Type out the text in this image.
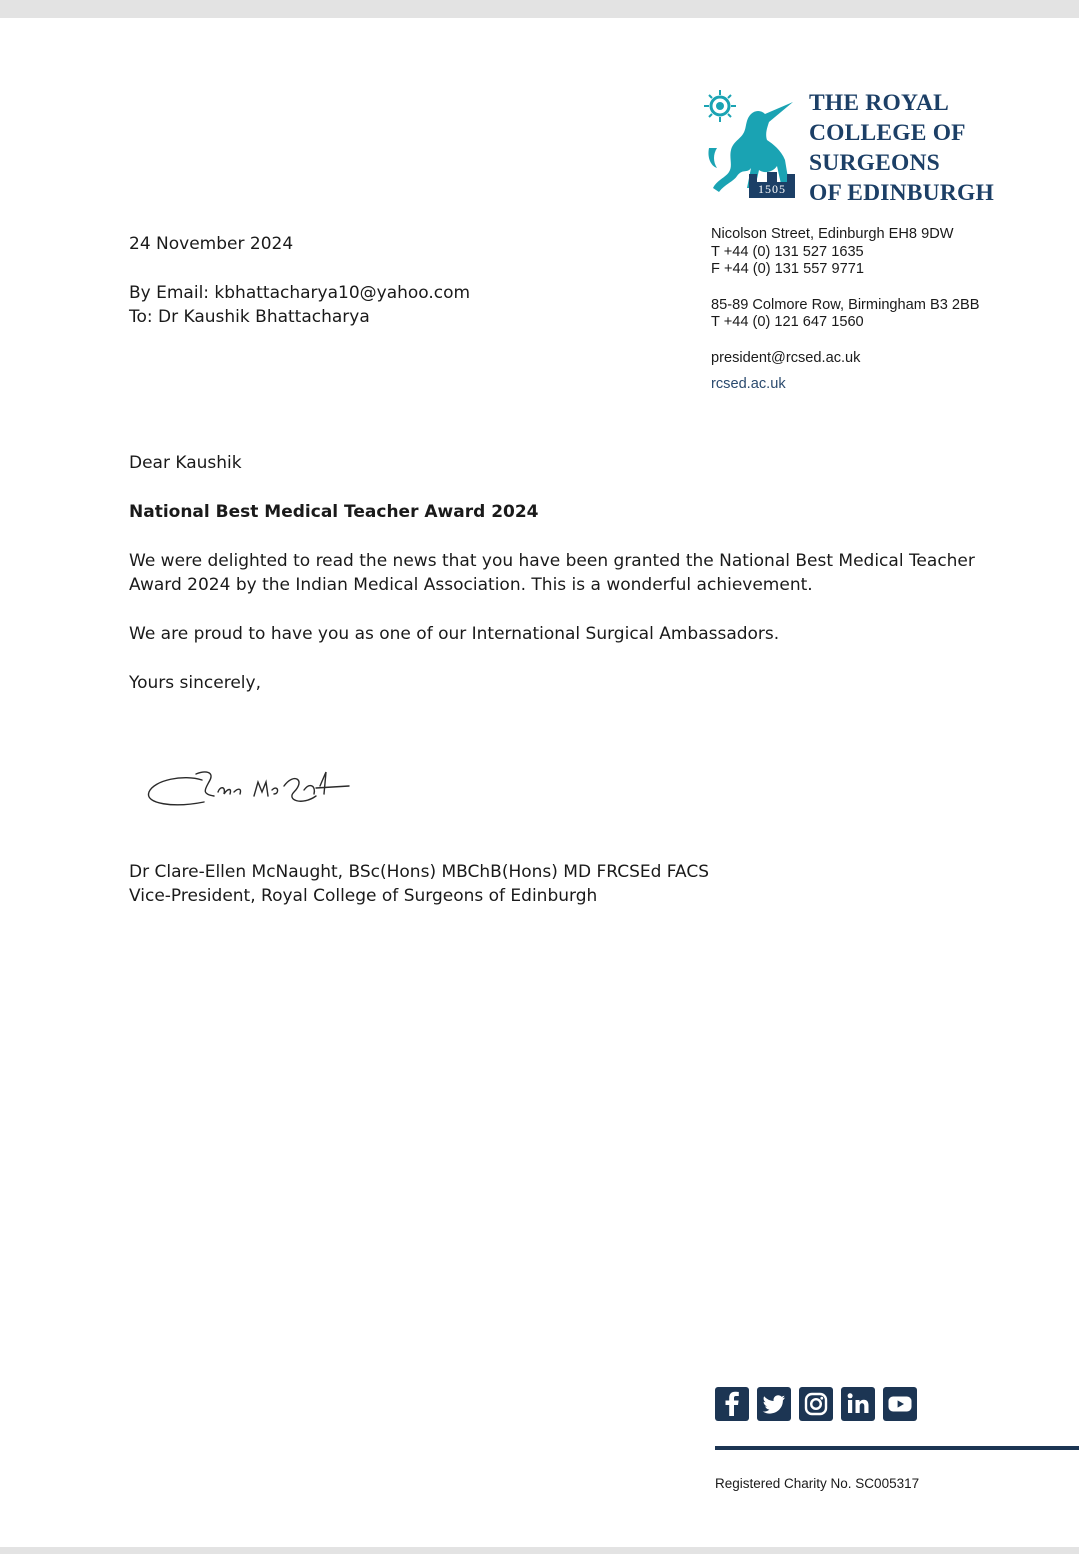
1505
THE ROYAL
COLLEGE OF
SURGEONS
OF EDINBURGH

Nicolson Street, Edinburgh EH8 9DW

T +44 (0) 131 527 1635

F +44 (0) 131 557 9771

85-89 Colmore Row, Birmingham B3 2BB

T +44 (0) 121 647 1560

president@rcsed.ac.uk

rcsed.ac.uk

24 November 2024

By Email: kbhattacharya10@yahoo.com

To: Dr Kaushik Bhattacharya

Dear Kaushik

National Best Medical Teacher Award 2024

We were delighted to read the news that you have been granted the National Best Medical Teacher

Award 2024 by the Indian Medical Association. This is a wonderful achievement.

We are proud to have you as one of our International Surgical Ambassadors.

Yours sincerely,

Dr Clare-Ellen McNaught, BSc(Hons) MBChB(Hons) MD FRCSEd FACS

Vice-President, Royal College of Surgeons of Edinburgh

Registered Charity No. SC005317
